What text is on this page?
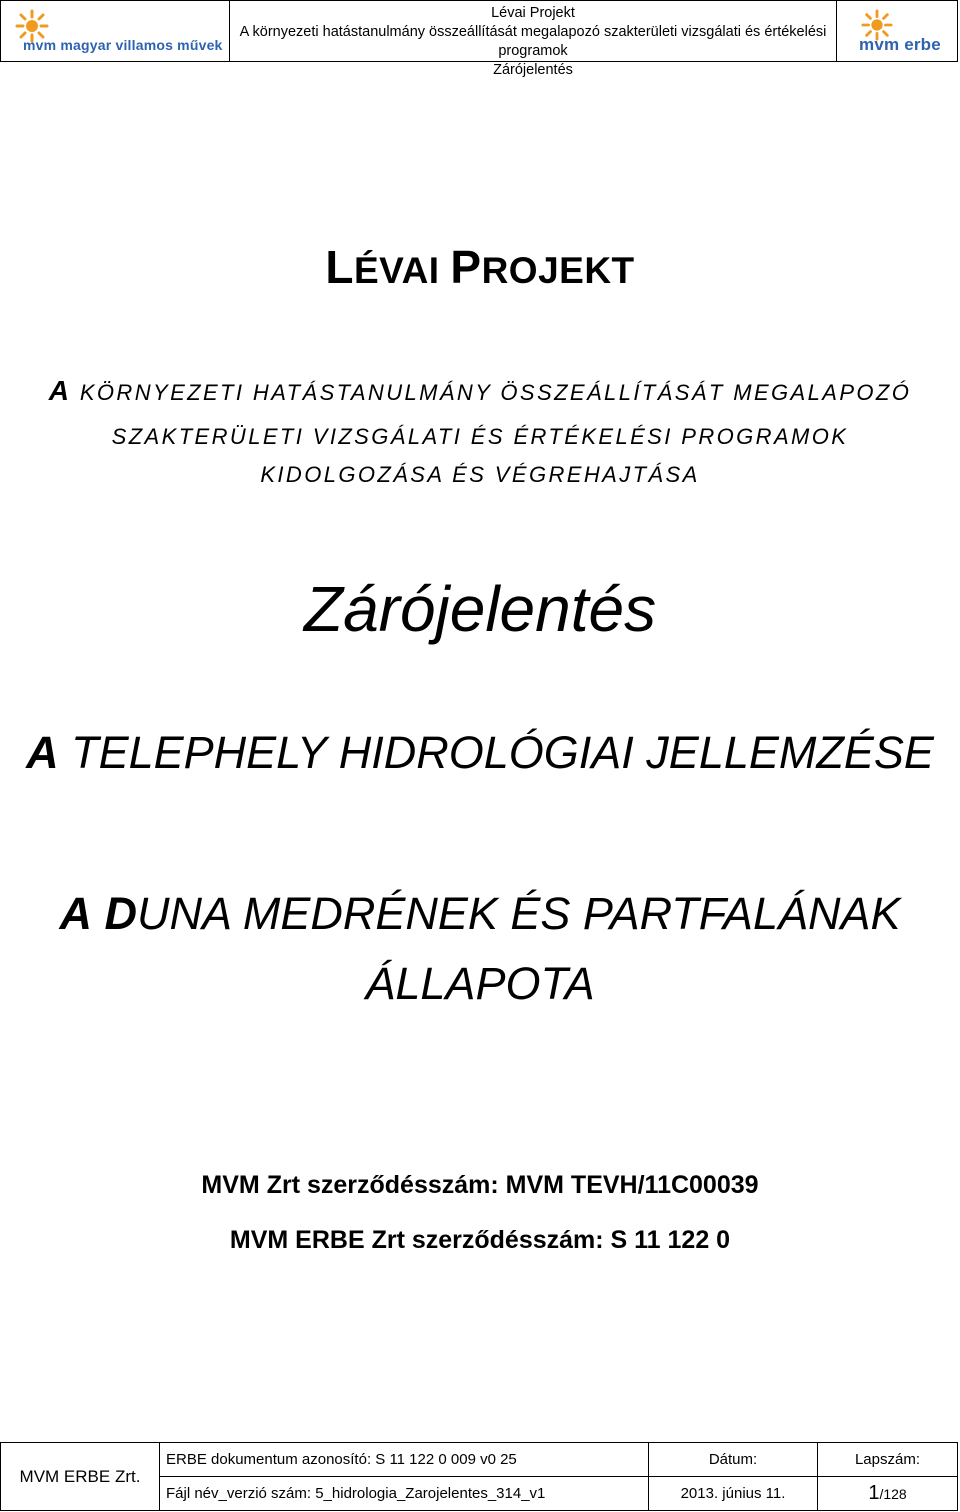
mvm magyar villamos művek
Lévai Projekt
A környezeti hatástanulmány összeállítását megalapozó szakterületi vizsgálati és értékelési programok
Zárójelentés
mvm erbe
LÉVAI PROJEKT
A KÖRNYEZETI HATÁSTANULMÁNY ÖSSZEÁLLÍTÁSÁT MEGALAPOZÓ
SZAKTERÜLETI VIZSGÁLATI ÉS ÉRTÉKELÉSI PROGRAMOK
KIDOLGOZÁSA ÉS VÉGREHAJTÁSA
Zárójelentés
A TELEPHELY HIDROLÓGIAI JELLEMZÉSE
A DUNA MEDRÉNEK ÉS PARTFALÁNAK
ÁLLAPOTA
MVM Zrt szerződésszám: MVM TEVH/11C00039
MVM ERBE Zrt szerződésszám: S 11 122 0
MVM ERBE Zrt.	ERBE dokumentum azonosító: S 11 122 0 009 v0 25	Dátum:	Lapszám:
	Fájl név_verzió szám: 5_hidrologia_Zarojelentes_314_v1	2013. június 11.	1/128
